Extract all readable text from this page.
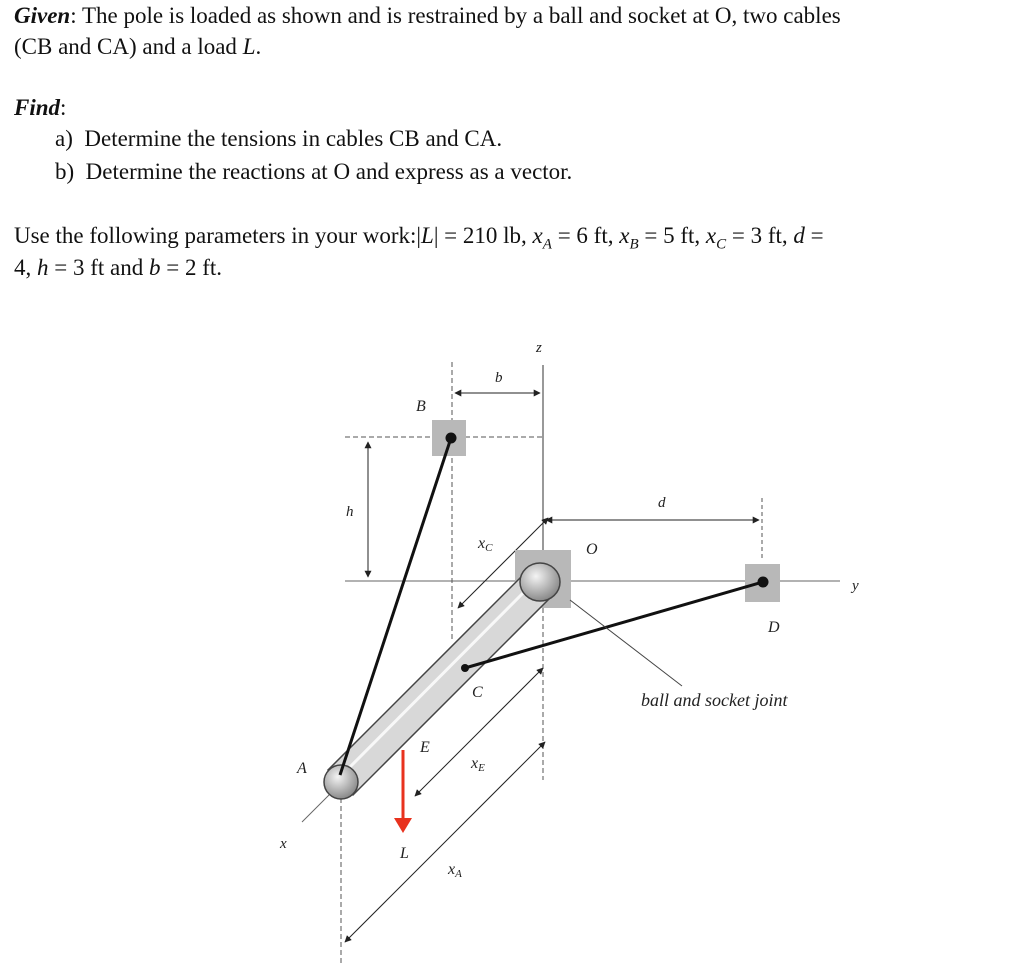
Given: The pole is loaded as shown and is restrained by a ball and socket at O, two cables
(CB and CA) and a load L.
Find:
a) Determine the tensions in cables CB and CA.
b) Determine the reactions at O and express as a vector.
Use the following parameters in your work:|L| = 210 lb, $x_A = 6$ ft, $x_B = 5$ ft, $x_C = 3$ ft, d =
4, h = 3 ft and b = 2 ft.
z
y
x
b
h
d
xC
xE
xA
ball and socket joint
B
O
D
C
E
A
L
